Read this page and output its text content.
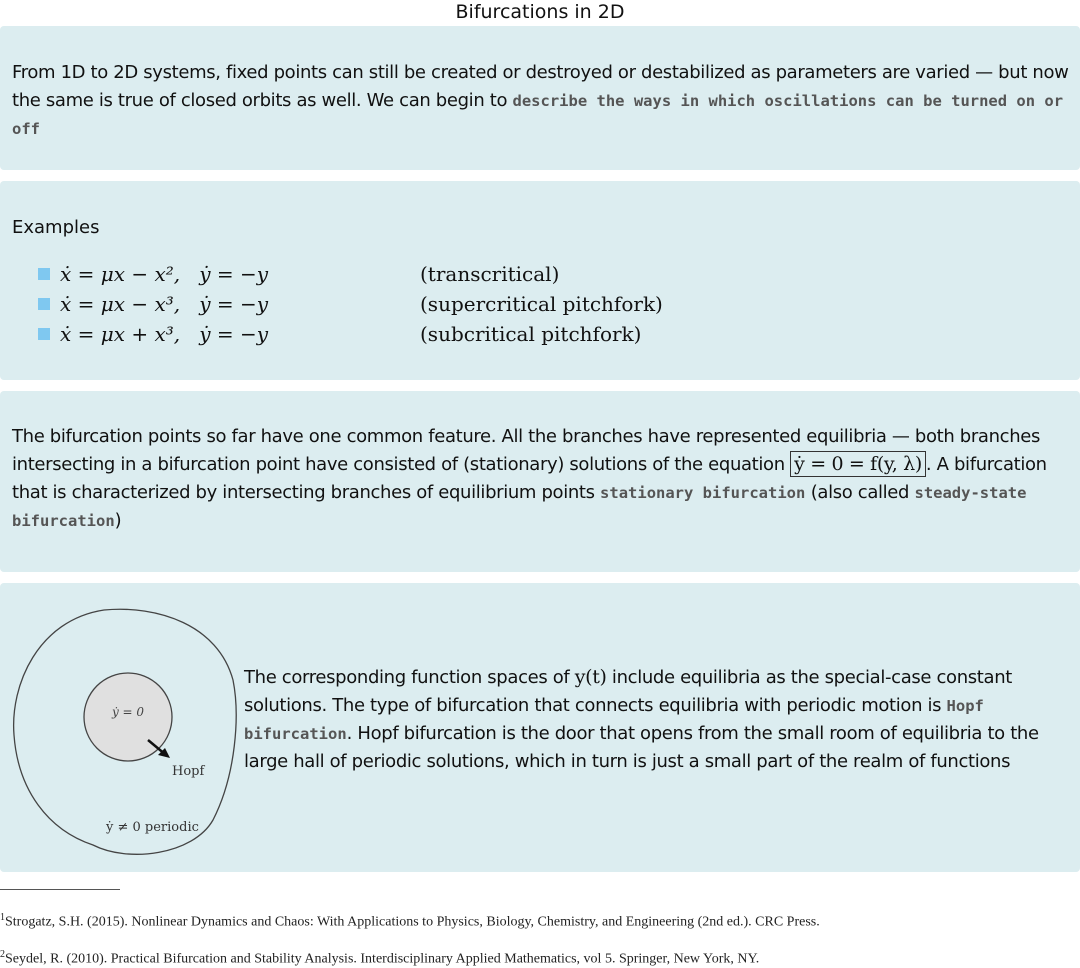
Bifurcations in 2D
From 1D to 2D systems, fixed points can still be created or destroyed or destabilized as parameters are varied — but now the same is true of closed orbits as well. We can begin to describe the ways in which oscillations can be turned on or off
Examples
ẋ = μx − x²,   ẏ = −y	(transcritical)
ẋ = μx − x³,   ẏ = −y	(supercritical pitchfork)
ẋ = μx + x³,   ẏ = −y	(subcritical pitchfork)
The bifurcation points so far have one common feature. All the branches have represented equilibria — both branches intersecting in a bifurcation point have consisted of (stationary) solutions of the equation ẏ = 0 = f(y, λ) . A bifurcation that is characterized by intersecting branches of equilibrium points stationary bifurcation (also called steady-state bifurcation)
ẏ = 0
Hopf
ẏ ≠ 0 periodic
The corresponding function spaces of y(t) include equilibria as the special-case constant solutions. The type of bifurcation that connects equilibria with periodic motion is Hopf bifurcation. Hopf bifurcation is the door that opens from the small room of equilibria to the large hall of periodic solutions, which in turn is just a small part of the realm of functions
$^1$Strogatz, S.H. (2015). Nonlinear Dynamics and Chaos: With Applications to Physics, Biology, Chemistry, and Engineering (2nd ed.). CRC Press.
$^2$Seydel, R. (2010). Practical Bifurcation and Stability Analysis. Interdisciplinary Applied Mathematics, vol 5. Springer, New York, NY.
